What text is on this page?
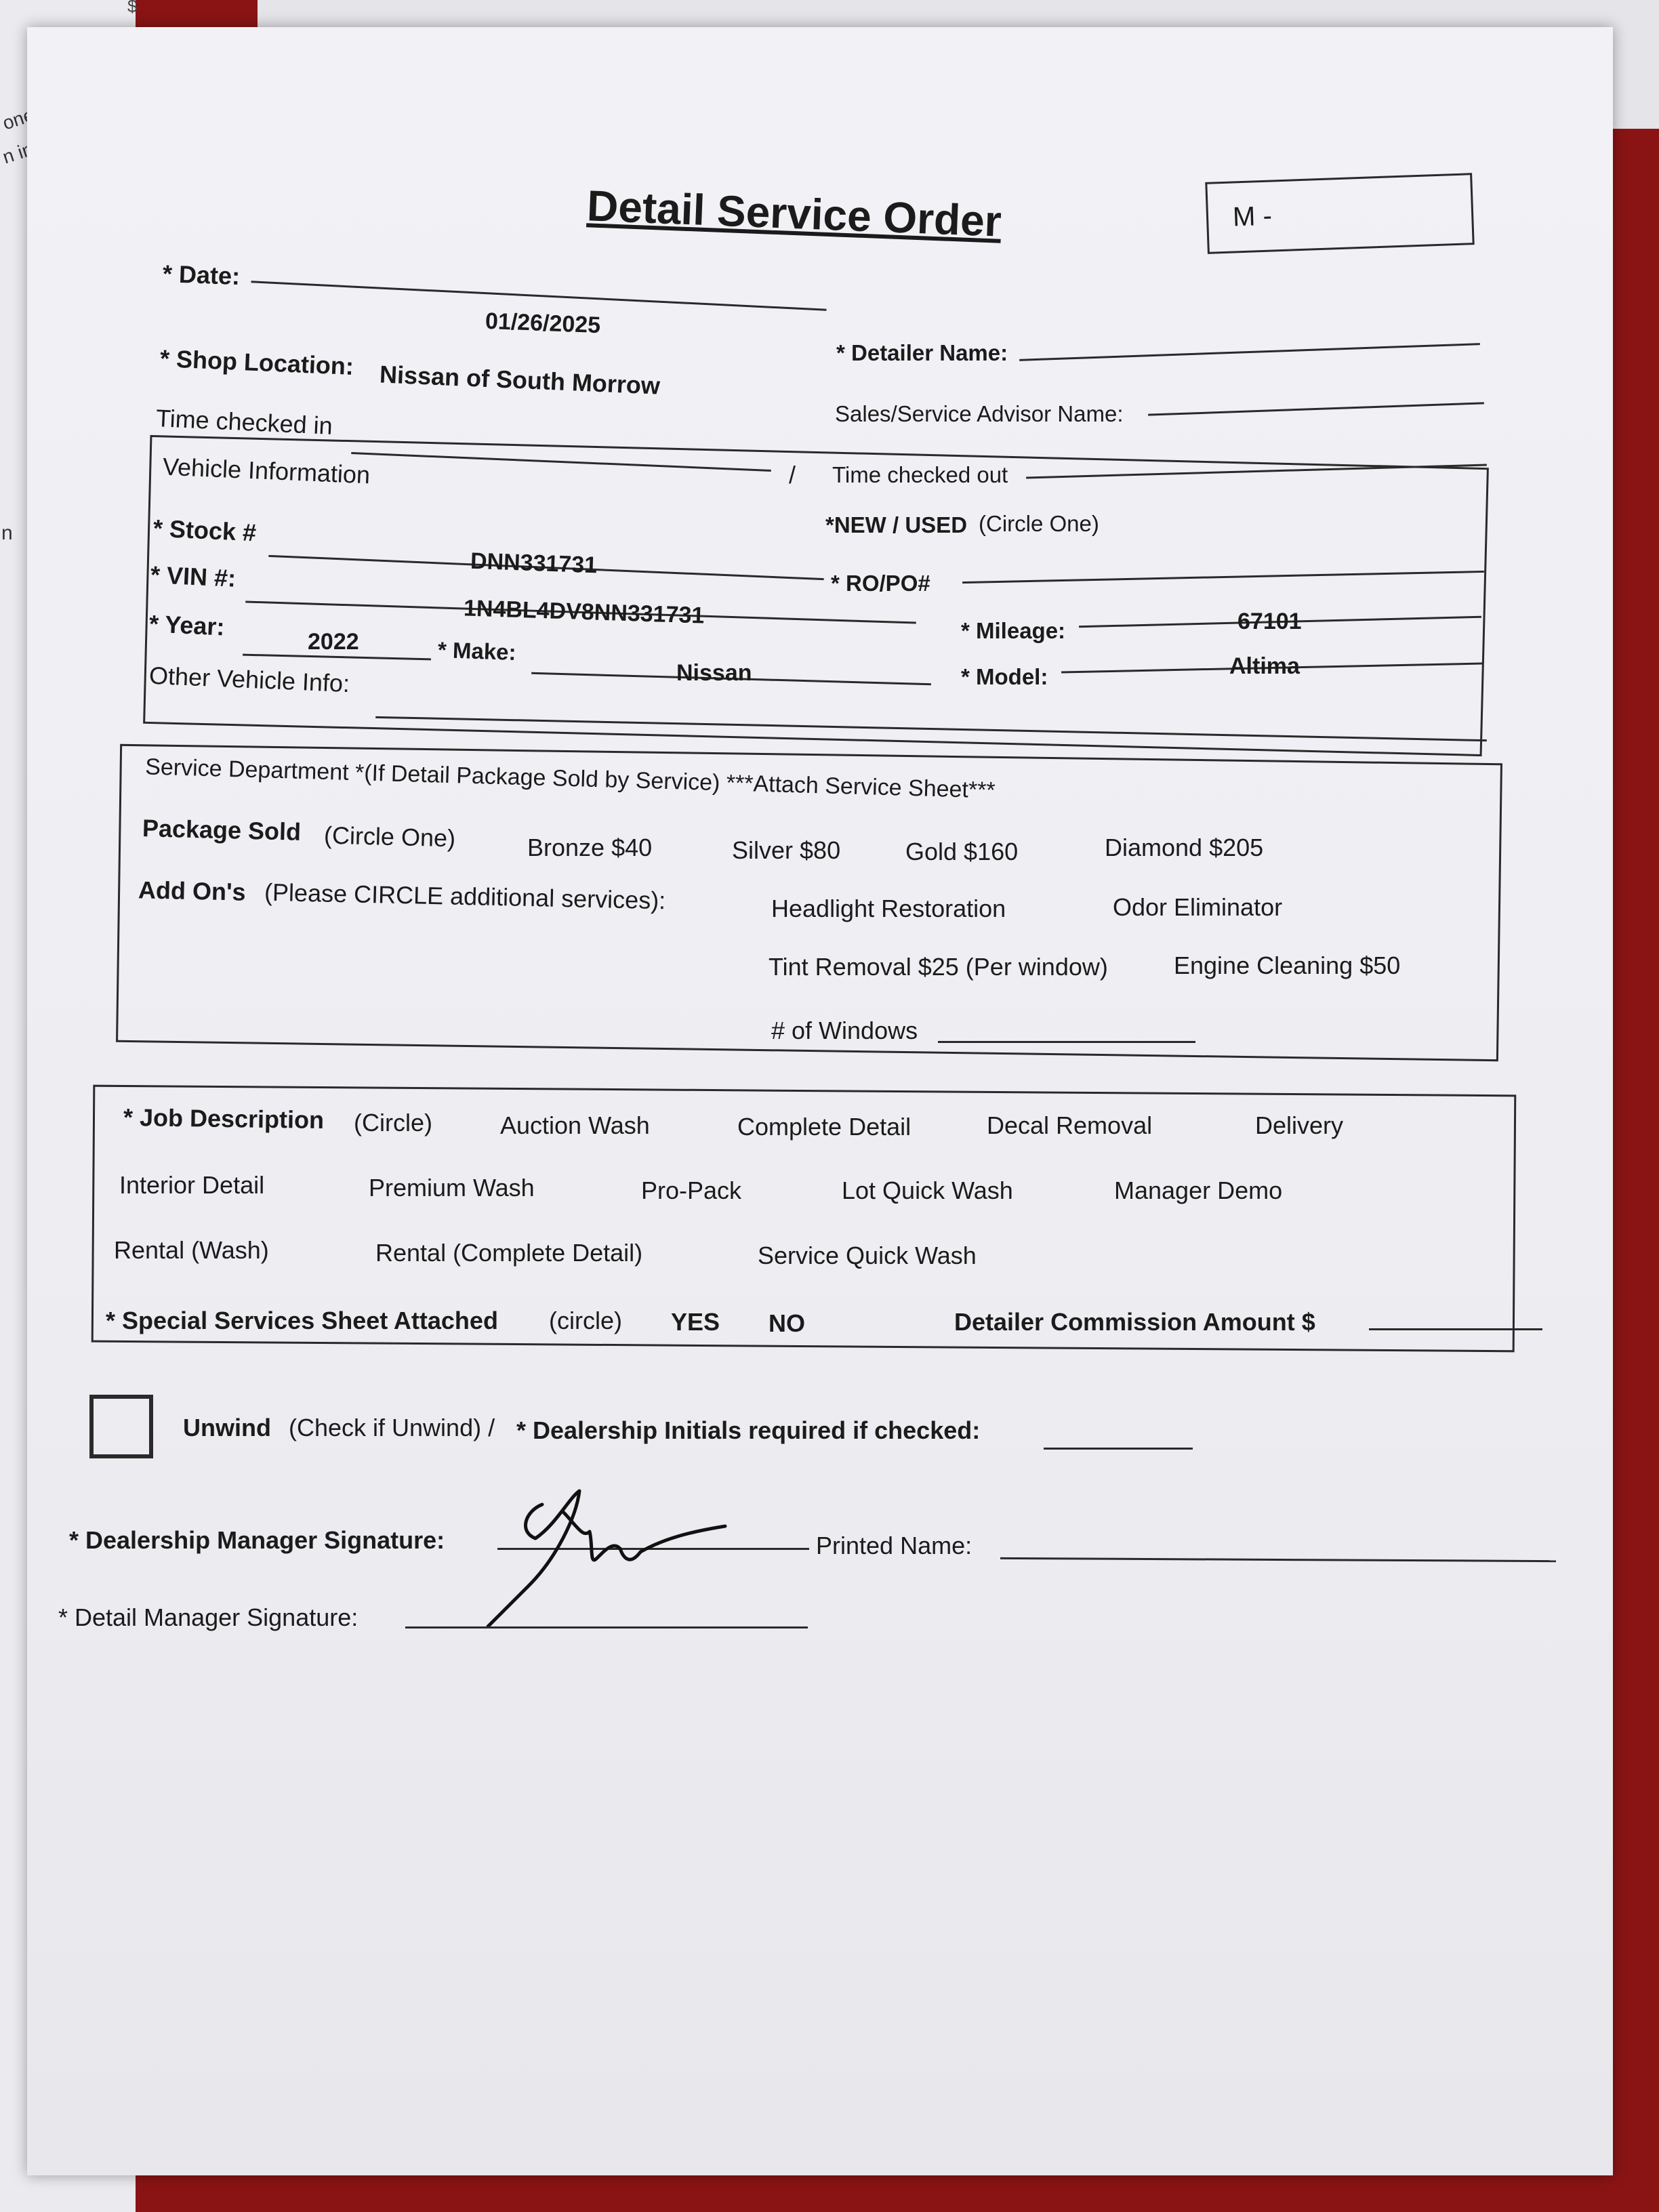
$
one
n
n
Detail Service Order	M -
* Date:
01/26/2025
* Detailer Name:
* Shop Location: Nissan of South Morrow
Sales/Service Advisor Name:
Time checked in
/ Time checked out
Vehicle Information
*NEW / USED (Circle One)
* Stock #
DNN331731
* RO/PO#
* VIN #:
1N4BL4DV8NN331731
* Mileage:	67101
* Year:
2022	* Make:
Nissan	* Model:	Altima
Other Vehicle Info:
Service Department *(If Detail Package Sold by Service) ***Attach Service Sheet***
Package Sold (Circle One)	Bronze $40	Silver $80	Gold $160	Diamond $205
Add On's (Please CIRCLE additional services):	Headlight Restoration	Odor Eliminator
Tint Removal $25 (Per window)	Engine Cleaning $50
# of Windows
* Job Description (Circle)	Auction Wash	Complete Detail	Decal Removal	Delivery
Interior Detail	Premium Wash	Pro-Pack	Lot Quick Wash	Manager Demo
Rental (Wash)	Rental (Complete Detail)	Service Quick Wash
* Special Services Sheet Attached (circle) YES NO	Detailer Commission Amount $
Unwind (Check if Unwind) / * Dealership Initials required if checked:
* Dealership Manager Signature:	Printed Name:
* Detail Manager Signature:
